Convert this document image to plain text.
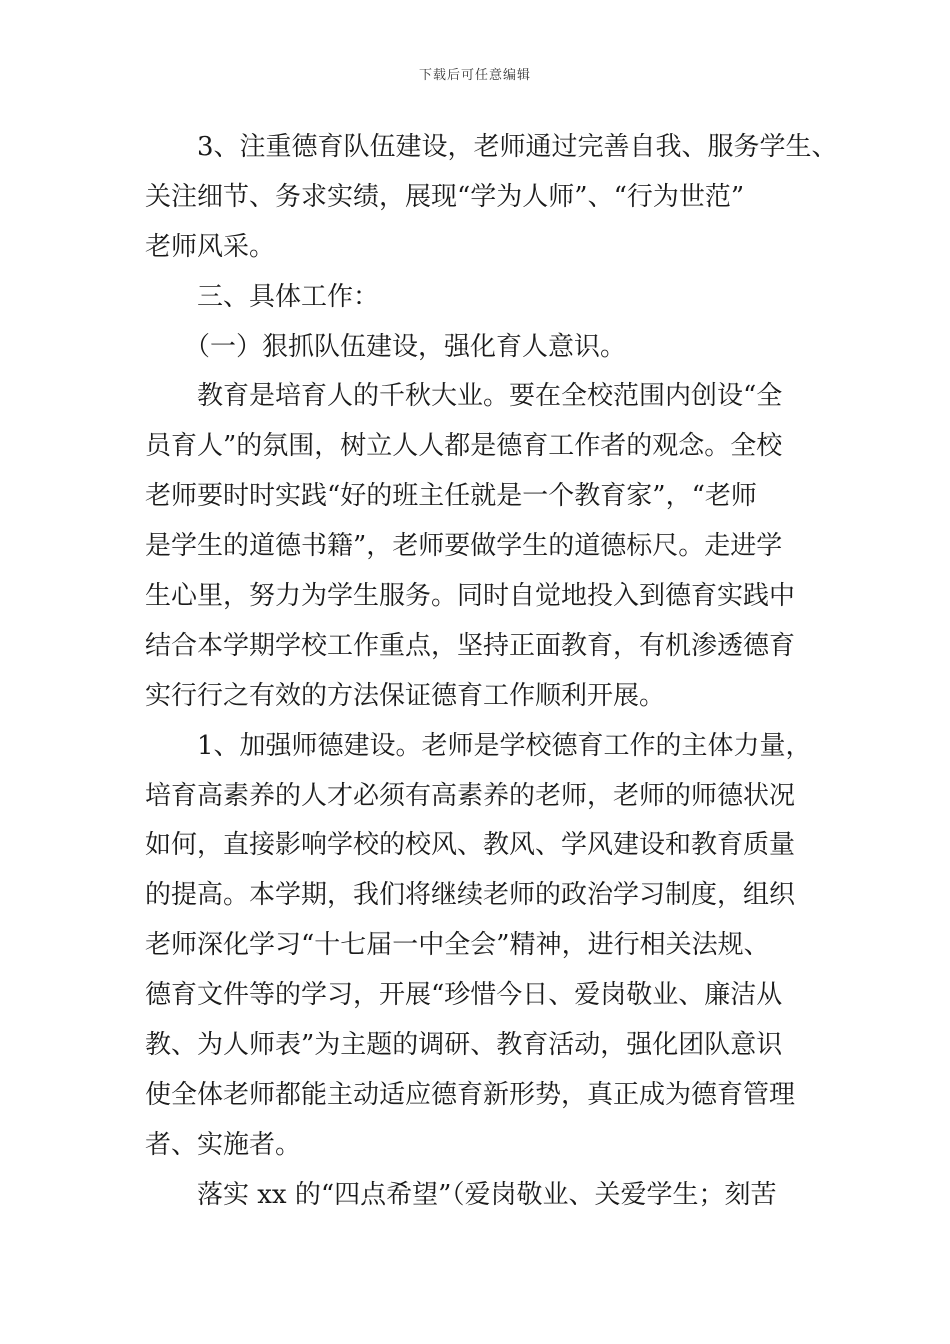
下载后可任意编辑
　　3、注重德育队伍建设，老师通过完善自我、服务学生、
关注细节、务求实绩，展现“学为人师”、“行为世范”
老师风采。
　　三、具体工作：
　　（一）狠抓队伍建设，强化育人意识。
　　教育是培育人的千秋大业。要在全校范围内创设“全
员育人”的氛围，树立人人都是德育工作者的观念。全校
老师要时时实践“好的班主任就是一个教育家”，“老师
是学生的道德书籍”，老师要做学生的道德标尺。走进学
生心里，努力为学生服务。同时自觉地投入到德育实践中
结合本学期学校工作重点，坚持正面教育，有机渗透德育
实行行之有效的方法保证德育工作顺利开展。
　　1、加强师德建设。老师是学校德育工作的主体力量，
培育高素养的人才必须有高素养的老师，老师的师德状况
如何，直接影响学校的校风、教风、学风建设和教育质量
的提高。本学期，我们将继续老师的政治学习制度，组织
老师深化学习“十七届一中全会”精神，进行相关法规、
德育文件等的学习，开展“珍惜今日、爱岗敬业、廉洁从
教、为人师表”为主题的调研、教育活动，强化团队意识
使全体老师都能主动适应德育新形势，真正成为德育管理
者、实施者。
　　落实 xx 的“四点希望”（爱岗敬业、关爱学生；刻苦
